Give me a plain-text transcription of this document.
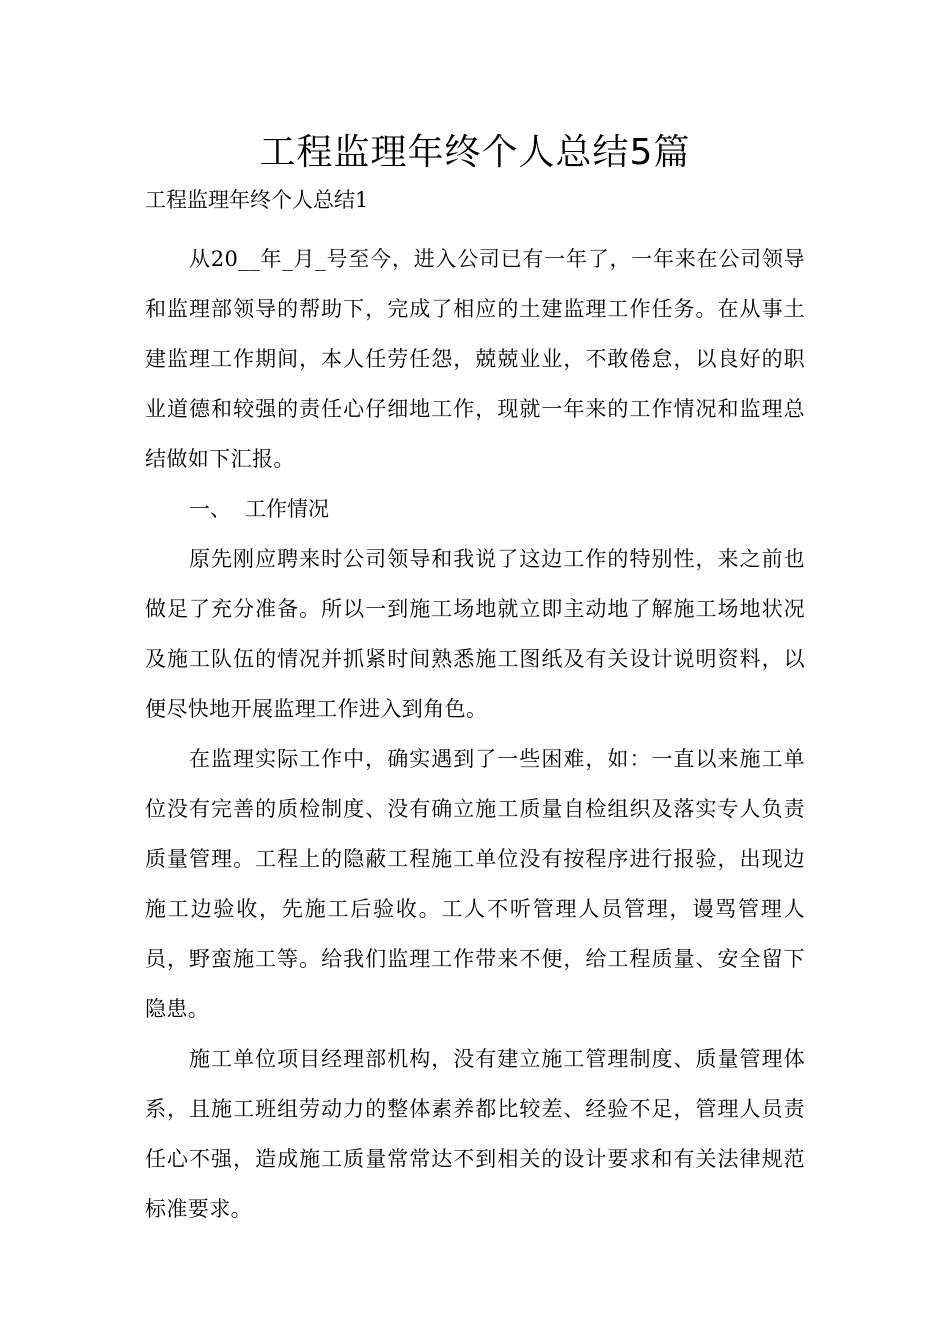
工程监理年终个人总结5篇

工程监理年终个人总结1

从20__年_月_号至今，进入公司已有一年了，一年来在公司领导和监理部领导的帮助下，完成了相应的土建监理工作任务。在从事土建监理工作期间，本人任劳任怨，兢兢业业，不敢倦怠，以良好的职业道德和较强的责任心仔细地工作，现就一年来的工作情况和监理总结做如下汇报。

一、 工作情况

原先刚应聘来时公司领导和我说了这边工作的特别性，来之前也做足了充分准备。所以一到施工场地就立即主动地了解施工场地状况及施工队伍的情况并抓紧时间熟悉施工图纸及有关设计说明资料，以便尽快地开展监理工作进入到角色。

在监理实际工作中，确实遇到了一些困难，如：一直以来施工单位没有完善的质检制度、没有确立施工质量自检组织及落实专人负责质量管理。工程上的隐蔽工程施工单位没有按程序进行报验，出现边施工边验收，先施工后验收。工人不听管理人员管理，谩骂管理人员，野蛮施工等。给我们监理工作带来不便，给工程质量、安全留下隐患。

施工单位项目经理部机构，没有建立施工管理制度、质量管理体系，且施工班组劳动力的整体素养都比较差、经验不足，管理人员责任心不强，造成施工质量常常达不到相关的设计要求和有关法律规范标准要求。
